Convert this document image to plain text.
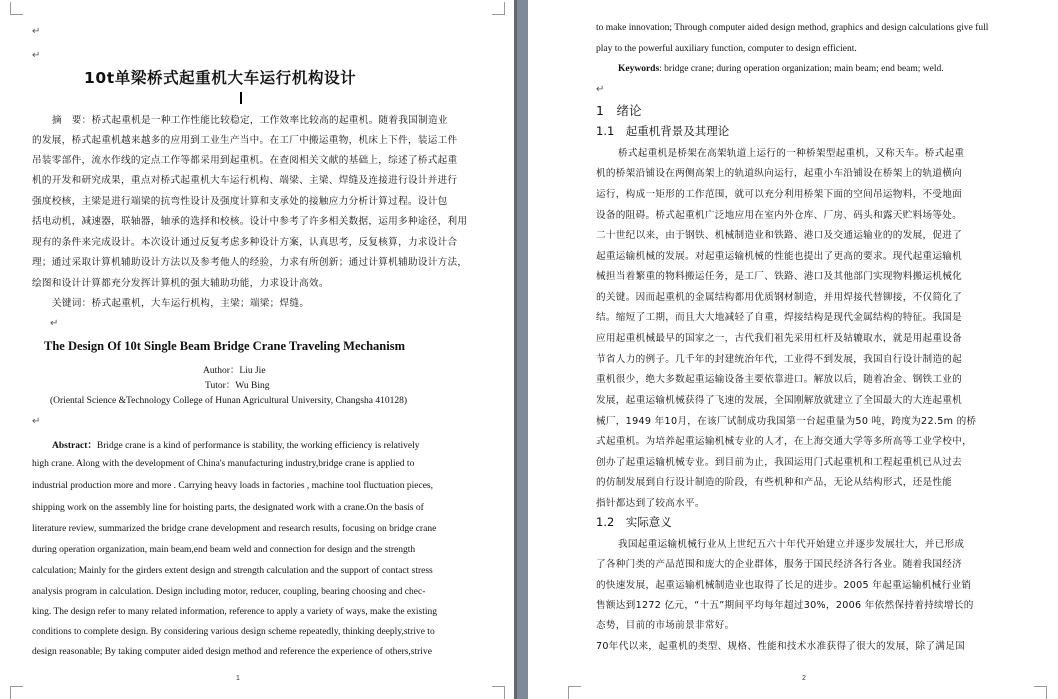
↵
↵

10t单梁桥式起重机大车运行机构设计

摘　要：桥式起重机是一种工作性能比较稳定，工作效率比较高的起重机。随着我国制造业

的发展，桥式起重机越来越多的应用到工业生产当中。在工厂中搬运重物，机床上下件，装运工件

吊装零部件，流水作线的定点工作等都采用到起重机。在查阅相关文献的基础上，综述了桥式起重

机的开发和研究成果，重点对桥式起重机大车运行机构、端梁、主梁、焊缝及连接进行设计并进行

强度校核，主梁是进行端梁的抗弯性设计及强度计算和支承处的接触应力分析计算过程。设计包

括电动机，减速器，联轴器，轴承的选择和校核。设计中参考了许多相关数据，运用多种途径，利用

现有的条件来完成设计。本次设计通过反复考虑多种设计方案，认真思考，反复核算，力求设计合

理；通过采取计算机辅助设计方法以及参考他人的经验，力求有所创新；通过计算机辅助设计方法，

绘图和设计计算都充分发挥计算机的强大辅助功能，力求设计高效。

关键词：桥式起重机，大车运行机构，主梁；端梁；焊缝。

↵

The Design Of 10t Single Beam Bridge Crane Traveling Mechanism

Author：Liu Jie

Tutor：Wu Bing

(Oriental Science &Technology College of Hunan Agricultural University, Changsha 410128)

↵

Abstract：Bridge crane is a kind of performance is stability, the working efficiency is relatively

high crane. Along with the development of China's manufacturing industry,bridge crane is applied to

industrial production more and more . Carrying heavy loads in factories , machine tool fluctuation pieces,

shipping work on the assembly line for hoisting parts, the designated work with a crane.On the basis of

literature review, summarized the bridge crane development and research results, focusing on bridge crane

during operation organization, main beam,end beam weld and connection for design and the strength

calculation; Mainly for the girders extent design and strength calculation and the support of contact stress

analysis program in calculation. Design including motor, reducer, coupling, bearing choosing and chec-

king. The design refer to many related information, reference to apply a variety of ways, make the existing

conditions to complete design. By considering various design scheme repeatedly, thinking deeply,strive to

design reasonable; By taking computer aided design method and reference the experience of others,strive

1

to make innovation; Through computer aided design method, graphics and design calculations give full

play to the powerful auxiliary function, computer to design efficient.

Keywords: bridge crane; during operation organization; main beam; end beam; weld.

↵

1　绪论

1.1　起重机背景及其理论

桥式起重机是桥架在高架轨道上运行的一种桥架型起重机，又称天车。桥式起重

机的桥架沿铺设在两侧高架上的轨道纵向运行，起重小车沿铺设在桥架上的轨道横向

运行，构成一矩形的工作范围，就可以充分利用桥架下面的空间吊运物料，不受地面

设备的阻碍。桥式起重机广泛地应用在室内外仓库、厂房、码头和露天贮料场等处。

二十世纪以来，由于钢铁、机械制造业和铁路、港口及交通运输业的的发展，促进了

起重运输机械的发展。对起重运输机械的性能也提出了更高的要求。现代起重运输机

械担当着繁重的物料搬运任务，是工厂、铁路、港口及其他部门实现物料搬运机械化

的关键。因而起重机的金属结构都用优质钢材制造，并用焊接代替铆接，不仅简化了

结。缩短了工期，而且大大地减轻了自重，焊接结构是现代金属结构的特征。我国是

应用起重机械最早的国家之一，古代我们祖先采用杠杆及轱辘取水，就是用起重设备

节省人力的例子。几千年的封建统治年代，工业得不到发展，我国自行设计制造的起

重机很少，绝大多数起重运输设备主要依靠进口。解放以后，随着冶金、钢铁工业的

发展，起重运输机械获得了飞速的发展，全国刚解放就建立了全国最大的大连起重机

械厂，1949 年10月，在该厂试制成功我国第一台起重量为50 吨，跨度为22.5m 的桥

式起重机。为培养起重运输机械专业的人才，在上海交通大学等多所高等工业学校中，

创办了起重运输机械专业。到目前为止，我国运用门式起重机和工程起重机已从过去

的仿制发展到自行设计制造的阶段，有些机种和产品，无论从结构形式，还是性能

指针都达到了较高水平。

1.2　实际意义

我国起重运输机械行业从上世纪五六十年代开始建立并逐步发展壮大，并已形成

了各种门类的产品范围和庞大的企业群体，服务于国民经济各行各业。随着我国经济

的快速发展，起重运输机械制造业也取得了长足的进步。2005 年起重运输机械行业销

售额达到1272 亿元，“十五”期间平均每年超过30%，2006 年依然保持着持续增长的

态势，目前的市场前景非常好。

70年代以来，起重机的类型、规格、性能和技术水准获得了很大的发展，除了满足国

2
